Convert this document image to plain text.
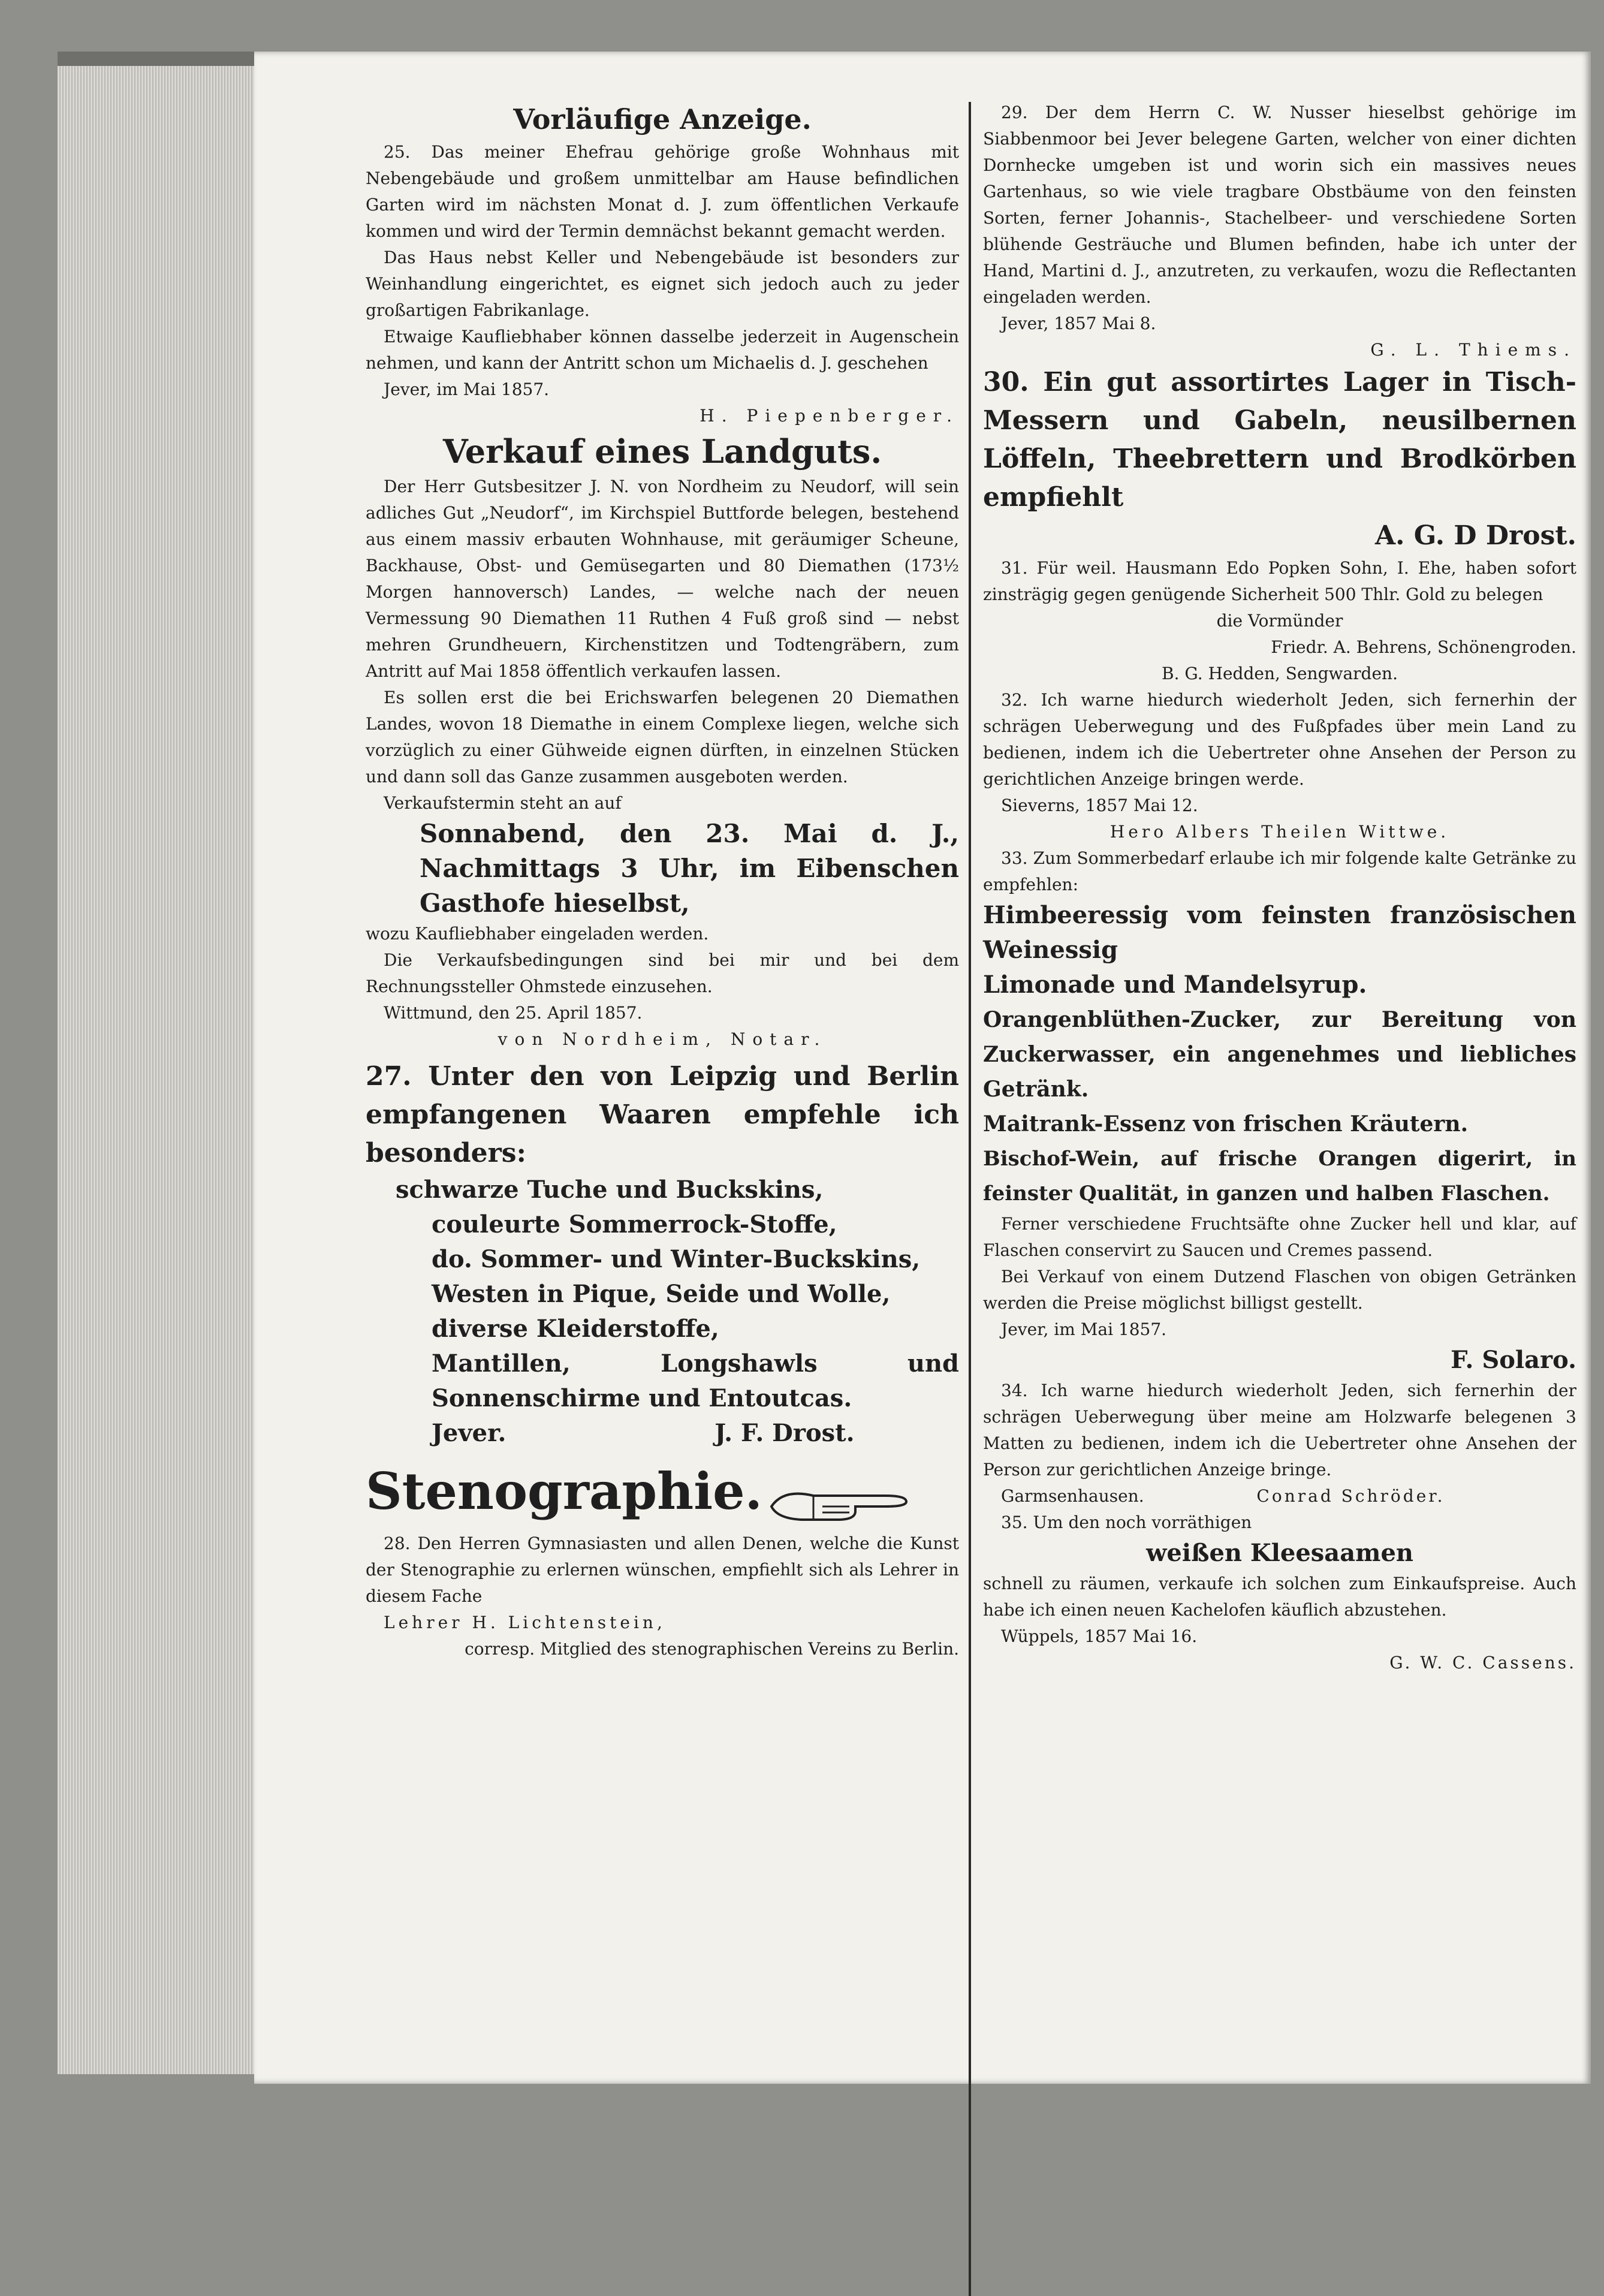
Vorläufige Anzeige.

25. Das meiner Ehefrau gehörige große Wohnhaus mit Nebengebäude und großem unmittelbar am Hause befindlichen Garten wird im nächsten Monat d. J. zum öffentlichen Verkaufe kommen und wird der Termin demnächst bekannt gemacht werden.

Das Haus nebst Keller und Nebengebäude ist besonders zur Weinhandlung eingerichtet, es eignet sich jedoch auch zu jeder großartigen Fabrikanlage.

Etwaige Kaufliebhaber können dasselbe jederzeit in Augenschein nehmen, und kann der Antritt schon um Michaelis d. J. geschehen

Jever, im Mai 1857.

H. Piepenberger.

Verkauf eines Landguts.

Der Herr Gutsbesitzer J. N. von Nordheim zu Neudorf, will sein adliches Gut „Neudorf“, im Kirchspiel Buttforde belegen, bestehend aus einem massiv erbauten Wohnhause, mit geräumiger Scheune, Backhause, Obst- und Gemüsegarten und 80 Diemathen (173½ Morgen hannoversch) Landes, — welche nach der neuen Vermessung 90 Diemathen 11 Ruthen 4 Fuß groß sind — nebst mehren Grundheuern, Kirchenstitzen und Todtengräbern, zum Antritt auf Mai 1858 öffentlich verkaufen lassen.

Es sollen erst die bei Erichswarfen belegenen 20 Diemathen Landes, wovon 18 Diemathe in einem Complexe liegen, welche sich vorzüglich zu einer Gühweide eignen dürften, in einzelnen Stücken und dann soll das Ganze zusammen ausgeboten werden.

Verkaufstermin steht an auf

Sonnabend, den 23. Mai d. J., Nachmittags 3 Uhr, im Eibenschen Gasthofe hieselbst,

wozu Kaufliebhaber eingeladen werden.

Die Verkaufsbedingungen sind bei mir und bei dem Rechnungssteller Ohmstede einzusehen.

Wittmund, den 25. April 1857.

von Nordheim, Notar.

27. Unter den von Leipzig und Berlin empfangenen Waaren empfehle ich besonders:

schwarze Tuche und Buckskins,

couleurte Sommerrock-Stoffe,

do. Sommer- und Winter-Buckskins,

Westen in Pique, Seide und Wolle,

diverse Kleiderstoffe,

Mantillen, Longshawls und Sonnenschirme und Entoutcas.

Jever.	J. F. Drost.

Stenographie.

28. Den Herren Gymnasiasten und allen Denen, welche die Kunst der Stenographie zu erlernen wünschen, empfiehlt sich als Lehrer in diesem Fache

Lehrer H. Lichtenstein,

corresp. Mitglied des stenographischen Vereins zu Berlin.

29. Der dem Herrn C. W. Nusser hieselbst gehörige im Siabbenmoor bei Jever belegene Garten, welcher von einer dichten Dornhecke umgeben ist und worin sich ein massives neues Gartenhaus, so wie viele tragbare Obstbäume von den feinsten Sorten, ferner Johannis-, Stachelbeer- und verschiedene Sorten blühende Gesträuche und Blumen befinden, habe ich unter der Hand, Martini d. J., anzutreten, zu verkaufen, wozu die Reflectanten eingeladen werden.

Jever, 1857 Mai 8.

G. L. Thiems.

30. Ein gut assortirtes Lager in Tisch-Messern und Gabeln, neusilbernen Löffeln, Theebrettern und Brodkörben empfiehlt

A. G. D Drost.

31. Für weil. Hausmann Edo Popken Sohn, I. Ehe, haben sofort zinsträgig gegen genügende Sicherheit 500 Thlr. Gold zu belegen

die Vormünder

Friedr. A. Behrens, Schönengroden.

B. G. Hedden, Sengwarden.

32. Ich warne hiedurch wiederholt Jeden, sich fernerhin der schrägen Ueberwegung und des Fußpfades über mein Land zu bedienen, indem ich die Uebertreter ohne Ansehen der Person zu gerichtlichen Anzeige bringen werde.

Sieverns, 1857 Mai 12.

Hero Albers Theilen Wittwe.

33. Zum Sommerbedarf erlaube ich mir folgende kalte Getränke zu empfehlen:

Himbeeressig vom feinsten französischen Weinessig

Limonade und Mandelsyrup.

Orangenblüthen-Zucker, zur Bereitung von Zuckerwasser, ein angenehmes und liebliches Getränk.

Maitrank-Essenz von frischen Kräutern.

Bischof-Wein, auf frische Orangen digerirt, in feinster Qualität, in ganzen und halben Flaschen.

Ferner verschiedene Fruchtsäfte ohne Zucker hell und klar, auf Flaschen conservirt zu Saucen und Cremes passend.

Bei Verkauf von einem Dutzend Flaschen von obigen Getränken werden die Preise möglichst billigst gestellt.

Jever, im Mai 1857.

F. Solaro.

34. Ich warne hiedurch wiederholt Jeden, sich fernerhin der schrägen Ueberwegung über meine am Holzwarfe belegenen 3 Matten zu bedienen, indem ich die Uebertreter ohne Ansehen der Person zur gerichtlichen Anzeige bringe.

Garmsenhausen.	Conrad Schröder.

35. Um den noch vorräthigen

weißen Kleesaamen

schnell zu räumen, verkaufe ich solchen zum Einkaufspreise. Auch habe ich einen neuen Kachelofen käuflich abzustehen.

Wüppels, 1857 Mai 16.

G. W. C. Cassens.
